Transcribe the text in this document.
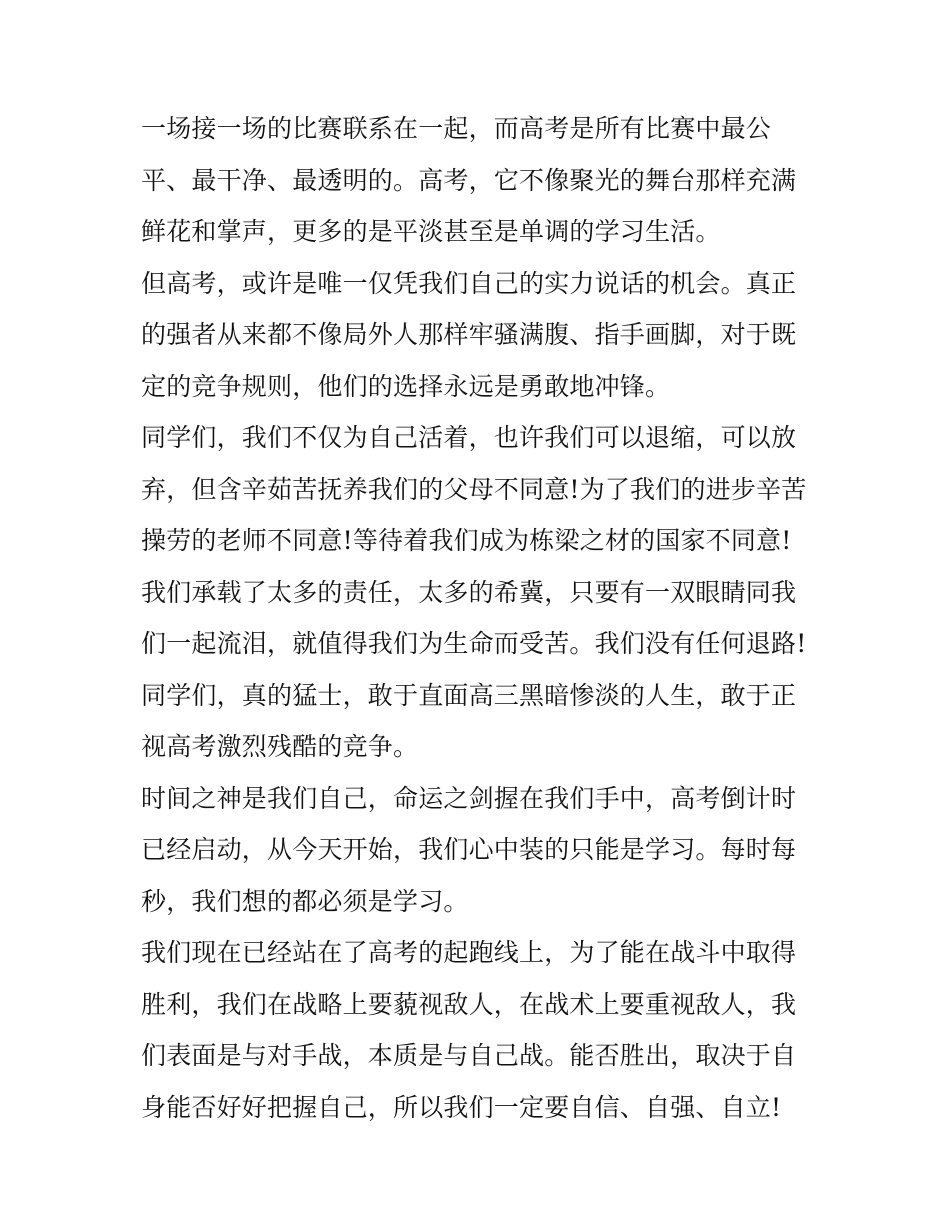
一场接一场的比赛联系在一起，而高考是所有比赛中最公平、最干净、最透明的。高考，它不像聚光的舞台那样充满鲜花和掌声，更多的是平淡甚至是单调的学习生活。

但高考，或许是唯一仅凭我们自己的实力说话的机会。真正的强者从来都不像局外人那样牢骚满腹、指手画脚，对于既定的竞争规则，他们的选择永远是勇敢地冲锋。

同学们，我们不仅为自己活着，也许我们可以退缩，可以放弃，但含辛茹苦抚养我们的父母不同意!为了我们的进步辛苦操劳的老师不同意!等待着我们成为栋梁之材的国家不同意!

我们承载了太多的责任，太多的希冀，只要有一双眼睛同我们一起流泪，就值得我们为生命而受苦。我们没有任何退路!

同学们，真的猛士，敢于直面高三黑暗惨淡的人生，敢于正视高考激烈残酷的竞争。

时间之神是我们自己，命运之剑握在我们手中，高考倒计时已经启动，从今天开始，我们心中装的只能是学习。每时每秒，我们想的都必须是学习。

我们现在已经站在了高考的起跑线上，为了能在战斗中取得胜利，我们在战略上要藐视敌人，在战术上要重视敌人，我们表面是与对手战，本质是与自己战。能否胜出，取决于自身能否好好把握自己，所以我们一定要自信、自强、自立!
